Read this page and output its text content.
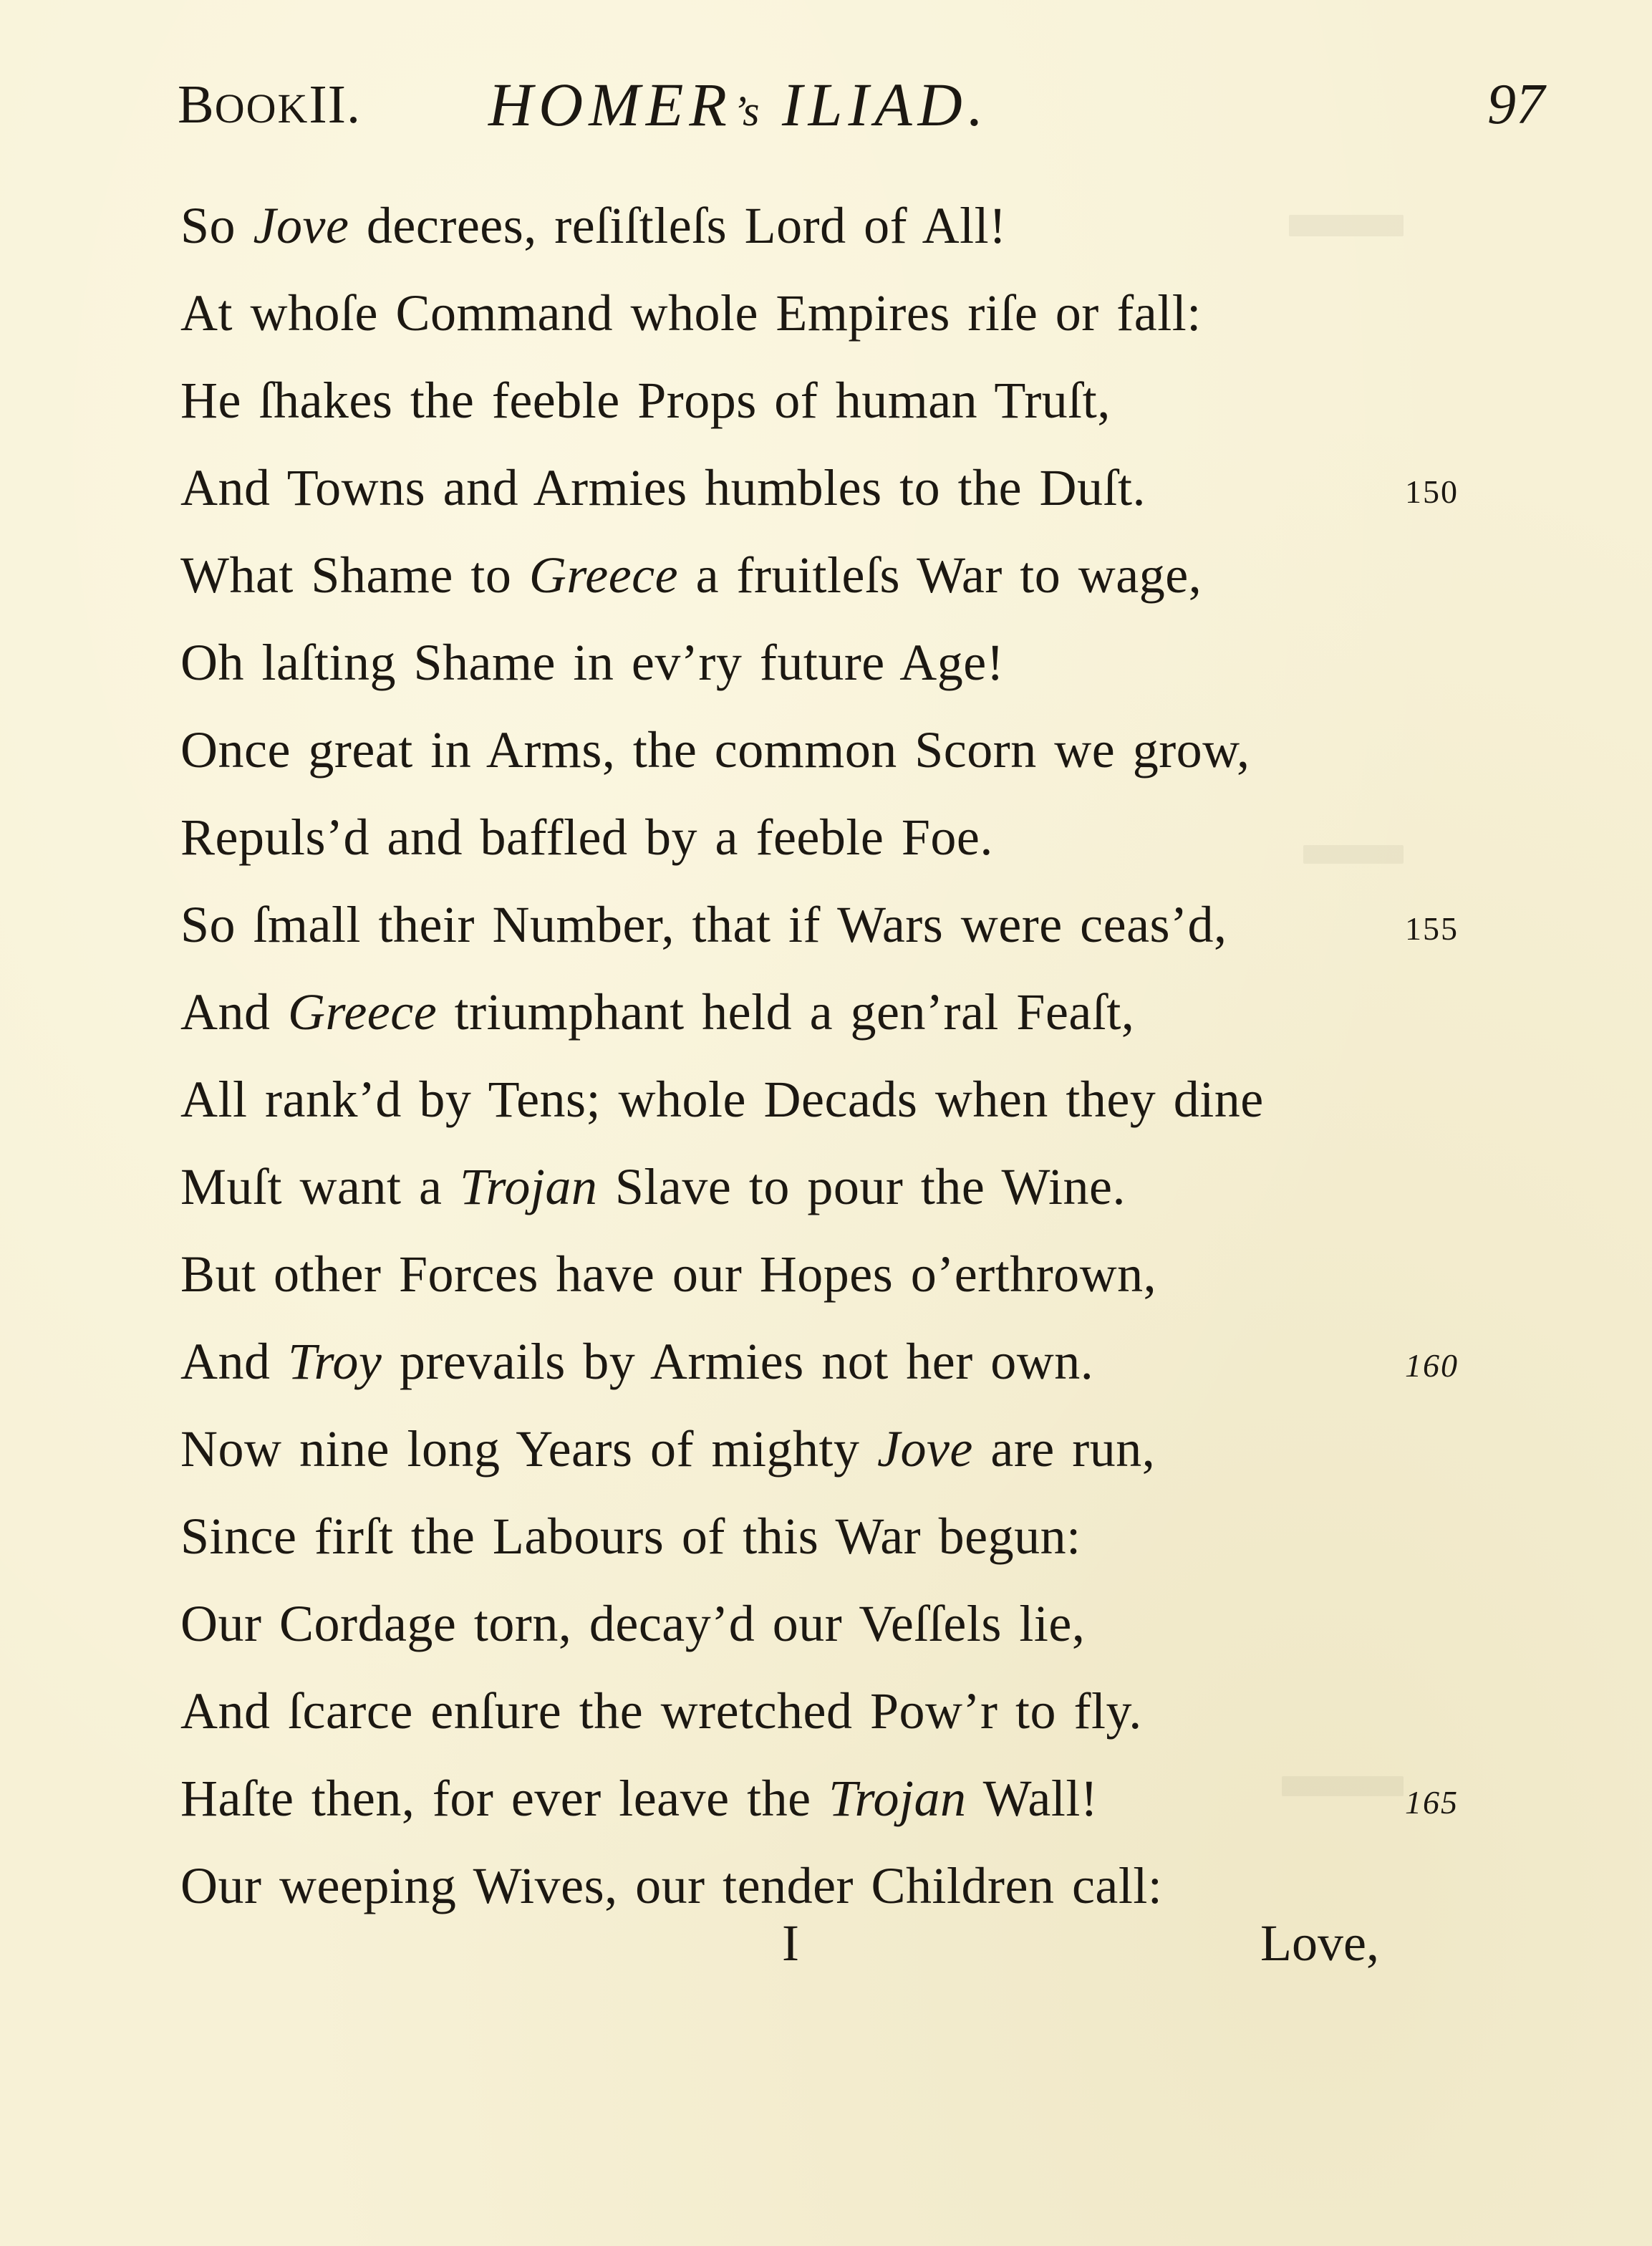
BOOKII. HOMER’s ILIAD.	97
So Jove decrees, reſiſtleſs Lord of All!
At whoſe Command whole Empires riſe or fall:
He ſhakes the feeble Props of human Truſt,
And Towns and Armies humbles to the Duſt.	150
What Shame to Greece a fruitleſs War to wage,
Oh laſting Shame in ev’ry future Age!
Once great in Arms, the common Scorn we grow,
Repuls’d and baffled by a feeble Foe.
So ſmall their Number, that if Wars were ceas’d,	155
And Greece triumphant held a gen’ral Feaſt,
All rank’d by Tens; whole Decads when they dine
Muſt want a Trojan Slave to pour the Wine.
But other Forces have our Hopes o’erthrown,
And Troy prevails by Armies not her own.	160
Now nine long Years of mighty Jove are run,
Since firſt the Labours of this War begun:
Our Cordage torn, decay’d our Veſſels lie,
And ſcarce enſure the wretched Pow’r to fly.
Haſte then, for ever leave the Trojan Wall!	165
Our weeping Wives, our tender Children call:
I	Love,
